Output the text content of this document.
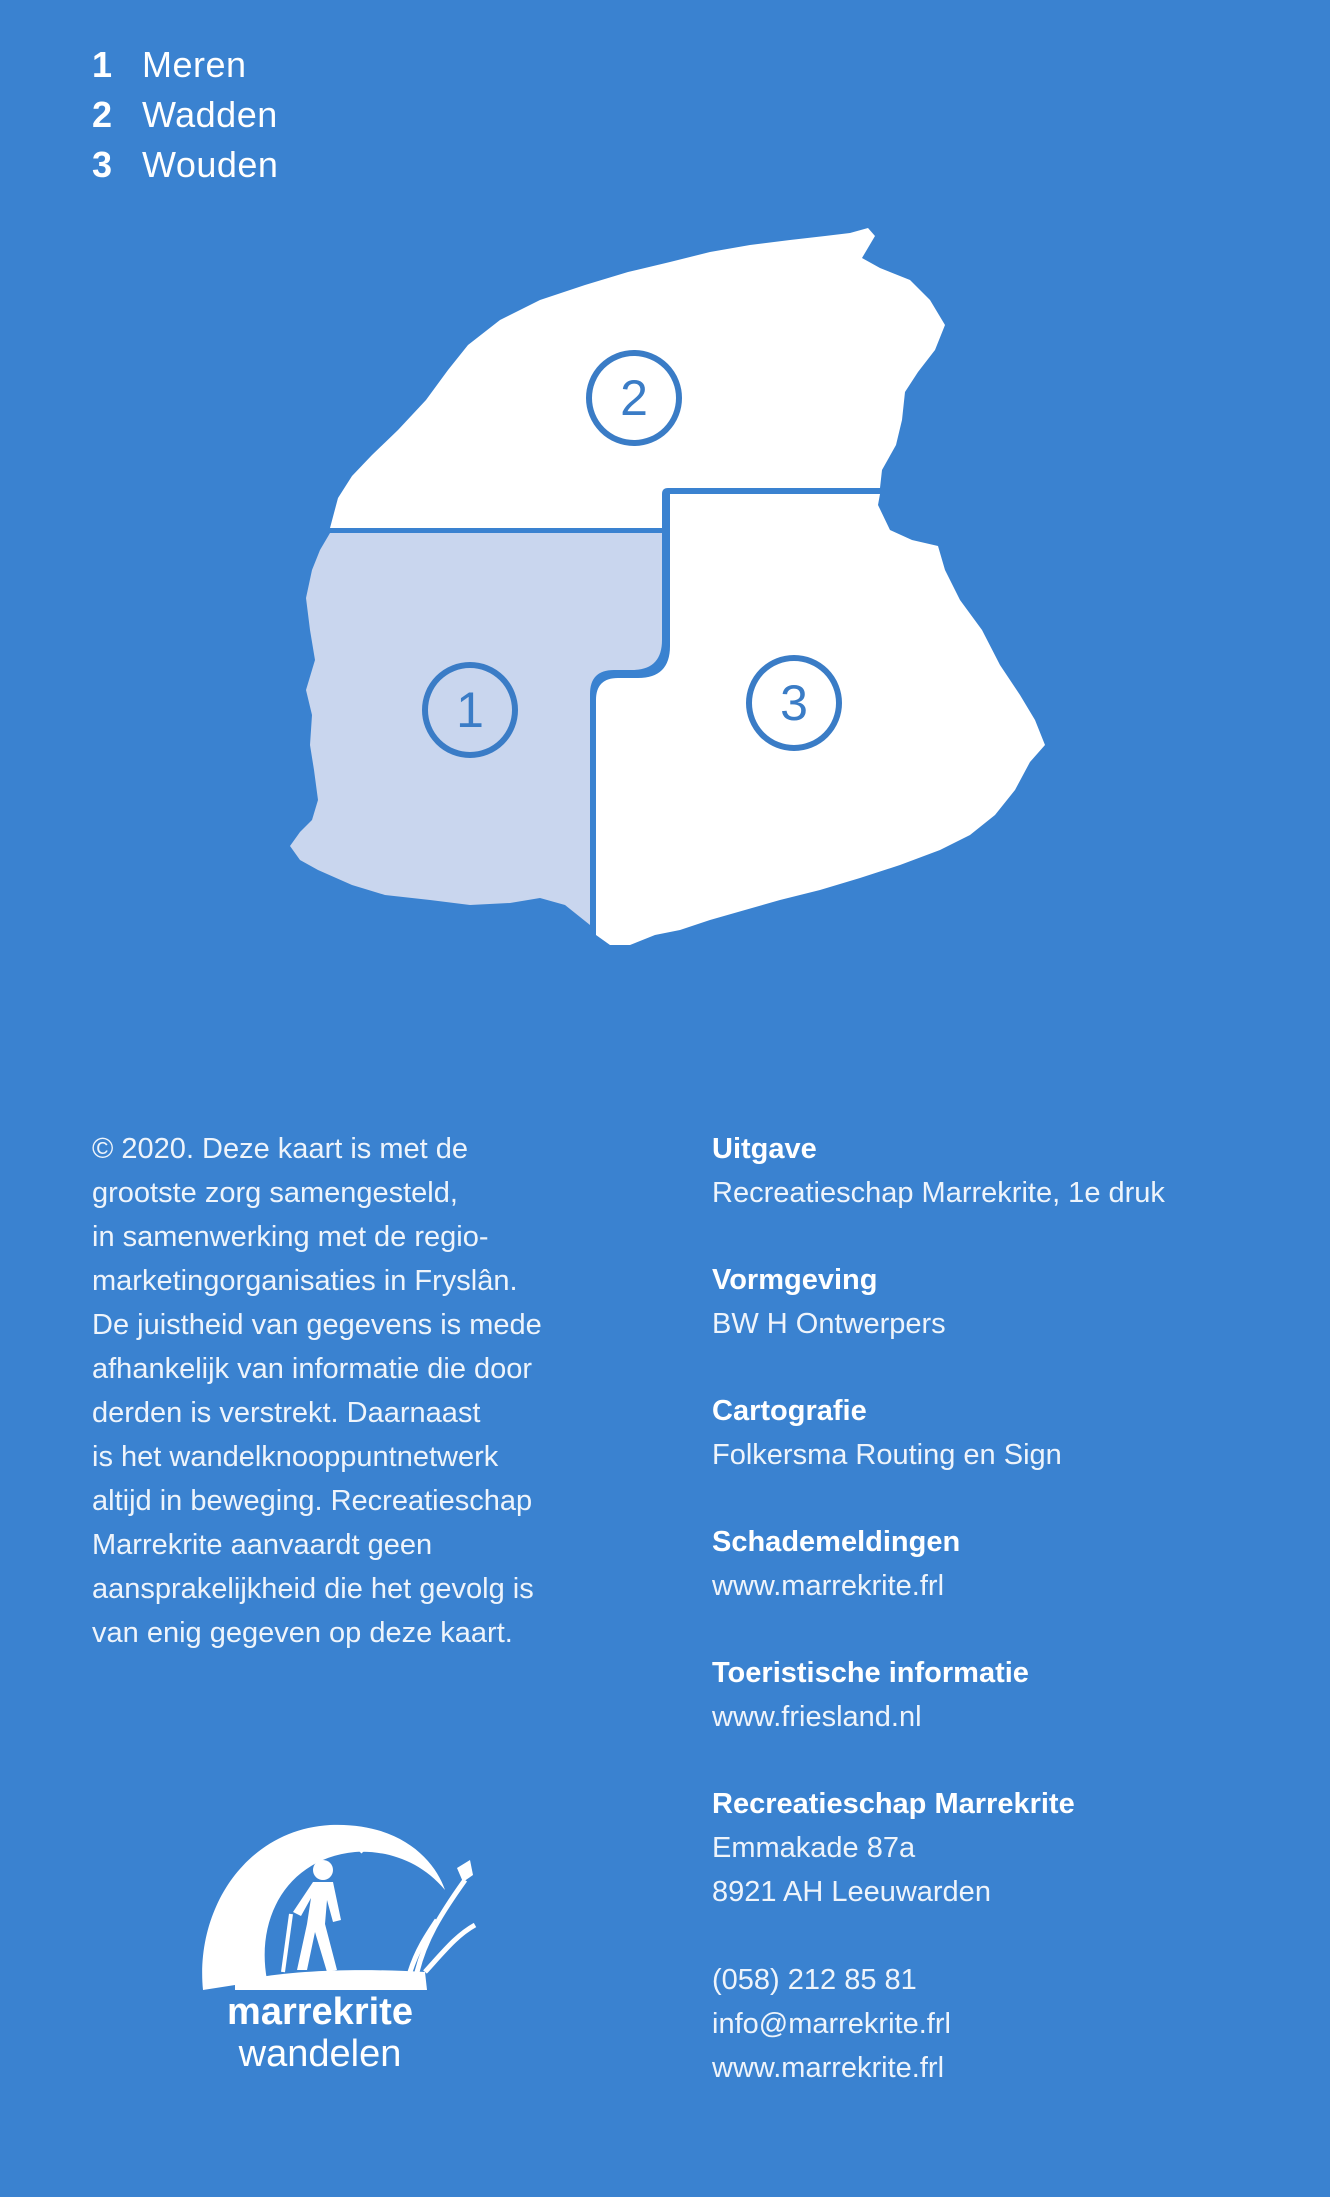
1 Meren
2 Wadden
3 Wouden
2
1	3
© 2020. Deze kaart is met de
grootste zorg samengesteld,
in samenwerking met de regio-
marketingorganisaties in Fryslân.
De juistheid van gegevens is mede
afhankelijk van informatie die door
derden is verstrekt. Daarnaast
is het wandelknooppuntnetwerk
altijd in beweging. Recreatieschap
Marrekrite aanvaardt geen
aansprakelijkheid die het gevolg is
van enig gegeven op deze kaart.
Uitgave
Recreatieschap Marrekrite, 1e druk
Vormgeving
BW H Ontwerpers
Cartografie
Folkersma Routing en Sign
Schademeldingen
www.marrekrite.frl
Toeristische informatie
www.friesland.nl
Recreatieschap Marrekrite
Emmakade 87a
8921 AH Leeuwarden
(058) 212 85 81
info@marrekrite.frl
www.marrekrite.frl
marrekrite
wandelen
